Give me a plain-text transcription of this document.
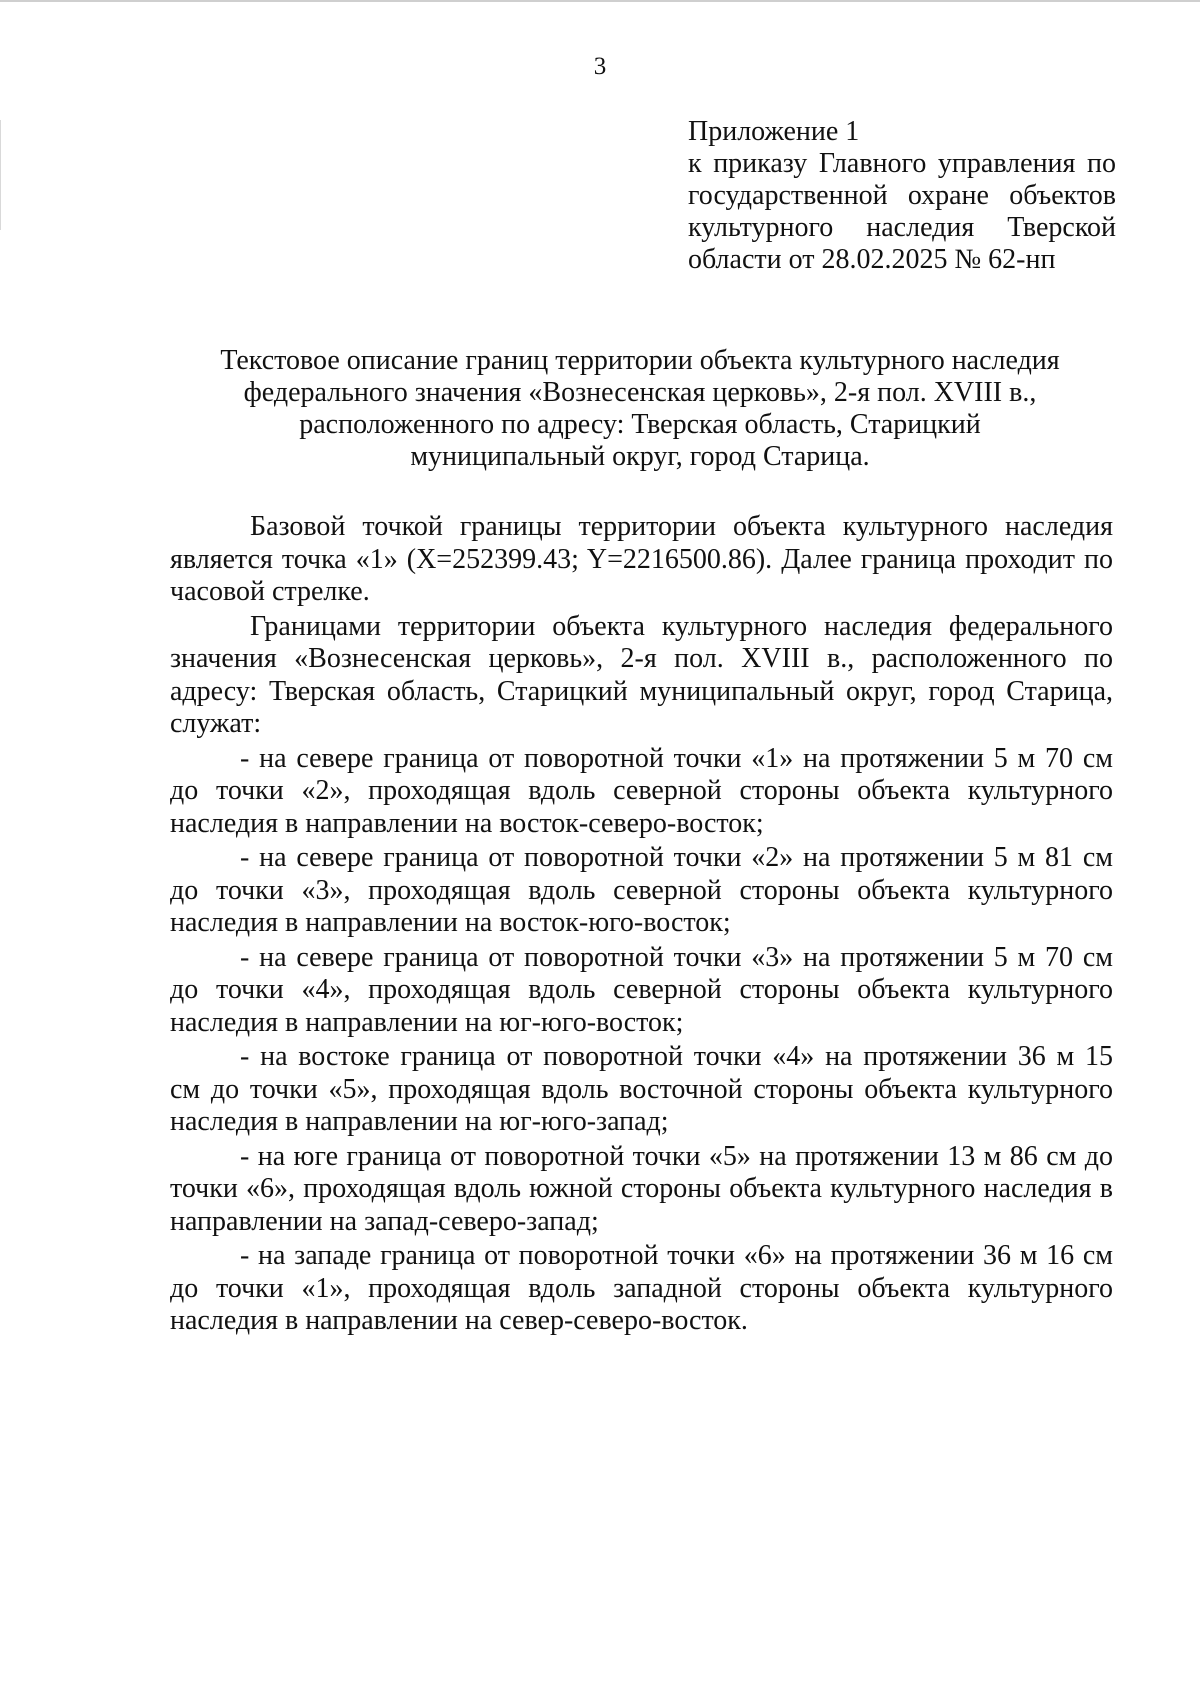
3
Приложение 1
к приказу Главного управления по
государственной охране объектов
культурного наследия Тверской
области от 28.02.2025 № 62-нп
Текстовое описание границ территории объекта культурного наследия
федерального значения «Вознесенская церковь», 2-я пол. XVIII в.,
расположенного по адресу: Тверская область, Старицкий
муниципальный округ, город Старица.
Базовой точкой границы территории объекта культурного наследия
является точка «1» (X=252399.43; Y=2216500.86). Далее граница проходит по
часовой стрелке.
Границами территории объекта культурного наследия федерального
значения «Вознесенская церковь», 2-я пол. XVIII в., расположенного по
адресу: Тверская область, Старицкий муниципальный округ, город Старица,
служат:
- на севере граница от поворотной точки «1» на протяжении 5 м 70 см
до точки «2», проходящая вдоль северной стороны объекта культурного
наследия в направлении на восток-северо-восток;
- на севере граница от поворотной точки «2» на протяжении 5 м 81 см
до точки «3», проходящая вдоль северной стороны объекта культурного
наследия в направлении на восток-юго-восток;
- на севере граница от поворотной точки «3» на протяжении 5 м 70 см
до точки «4», проходящая вдоль северной стороны объекта культурного
наследия в направлении на юг-юго-восток;
- на востоке граница от поворотной точки «4» на протяжении 36 м 15
см до точки «5», проходящая вдоль восточной стороны объекта культурного
наследия в направлении на юг-юго-запад;
- на юге граница от поворотной точки «5» на протяжении 13 м 86 см до
точки «6», проходящая вдоль южной стороны объекта культурного наследия в
направлении на запад-северо-запад;
- на западе граница от поворотной точки «6» на протяжении 36 м 16 см
до точки «1», проходящая вдоль западной стороны объекта культурного
наследия в направлении на север-северо-восток.
